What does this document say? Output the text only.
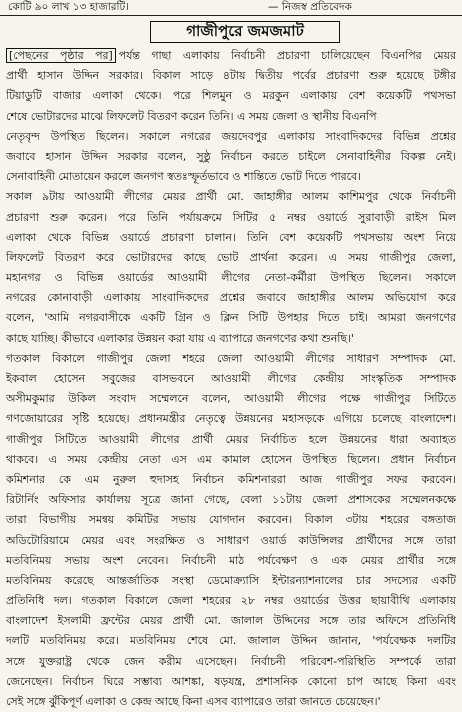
কোটি ৯০ লাখ ১৩ হাজারটি।	— নিজস্ব প্রতিবেদক
গাজীপুরে জমজমাট
[পেছনের পৃষ্ঠার পর] পর্যন্ত গাছা এলাকায় নির্বাচনী প্রচারণা চালিয়েছেন বিএনপির মেয়র
প্রার্থী হাসান উদ্দিন সরকার। বিকাল সাড়ে ৪টায় দ্বিতীয় পর্বের প্রচারণা শুরু হয়েছে টঙ্গীর
টিয়াডুটি বাজার এলাকা থেকে। পরে শিলমুন ও মরকুন এলাকায় বেশ কয়েকটি পথসভা
শেষে ভোটারদের মাঝে লিফলেট বিতরণ করেন তিনি। এ সময় জেলা ও স্থানীয় বিএনপি
নেতৃবৃন্দ উপস্থিত ছিলেন। সকালে নগরের জয়দেবপুর এলাকায় সাংবাদিকদের বিভিন্ন প্রশ্নের
জবাবে হাসান উদ্দিন সরকার বলেন, সুষ্ঠু নির্বাচন করতে চাইলে সেনাবাহিনীর বিকল্প নেই।
সেনাবাহিনী মোতায়েন করলে জনগণ স্বতঃস্ফূর্তভাবে ও শান্তিতে ভোট দিতে পারবে।
সকাল ৯টায় আওয়ামী লীগের মেয়র প্রার্থী মো. জাহাঙ্গীর আলম কাশিমপুর থেকে নির্বাচনী
প্রচারণা শুরু করেন। পরে তিনি পর্যায়ক্রমে সিটির ৫ নম্বর ওয়ার্ডে সুরাবাড়ী রাইস মিল
এলাকা থেকে বিভিন্ন ওয়ার্ডে প্রচারণা চালান। তিনি বেশ কয়েকটি পথসভায় অংশ নিয়ে
লিফলেট বিতরণ করে ভোটারদের কাছে ভোট প্রার্থনা করেন। এ সময় গাজীপুর জেলা,
মহানগর ও বিভিন্ন ওয়ার্ডের আওয়ামী লীগের নেতা-কর্মীরা উপস্থিত ছিলেন। সকালে
নগরের কোনাবাড়ী এলাকায় সাংবাদিকদের প্রশ্নের জবাবে জাহাঙ্গীর আলম অভিযোগ করে
বলেন, 'আমি নগরবাসীকে একটি গ্রিন ও ক্লিন সিটি উপহার দিতে চাই। আমরা জনগণের
কাছে যাচ্ছি। কীভাবে এলাকার উন্নয়ন করা যায় এ ব্যাপারে জনগণের কথা শুনছি।'
গতকাল বিকালে গাজীপুর জেলা শহরে জেলা আওয়ামী লীগের সাধারণ সম্পাদক মো.
ইকবাল হোসেন সবুজের বাসভবনে আওয়ামী লীগের কেন্দ্রীয় সাংস্কৃতিক সম্পাদক
অসীমকুমার উকিল সংবাদ সম্মেলনে বলেন, আওয়ামী লীগের পক্ষে গাজীপুর সিটিতে
গণজোয়ারের সৃষ্টি হয়েছে। প্রধানমন্ত্রীর নেতৃত্বে উন্নয়নের মহাসড়কে এগিয়ে চলেছে বাংলাদেশ।
গাজীপুর সিটিতে আওয়ামী লীগের প্রার্থী মেয়র নির্বাচিত হলে উন্নয়নের ধারা অব্যাহত
থাকবে। এ সময় কেন্দ্রীয় নেতা এস এম কামাল হোসেন উপস্থিত ছিলেন। প্রধান নির্বাচন
কমিশনার কে এম নুরুল হুদাসহ নির্বাচন কমিশনাররা আজ গাজীপুর সফর করবেন।
রিটার্নিং অফিসার কার্যালয় সূত্রে জানা গেছে, বেলা ১১টায় জেলা প্রশাসকের সম্মেলনকক্ষে
তারা বিভাগীয় সমন্বয় কমিটির সভায় যোগদান করবেন। বিকাল ৩টায় শহরের বঙ্গতাজ
অডিটোরিয়ামে মেয়র এবং সংরক্ষিত ও সাধারণ ওয়ার্ড কাউন্সিলর প্রার্থীদের সঙ্গে তারা
মতবিনিময় সভায় অংশ নেবেন। নির্বাচনী মাঠ পর্যবেক্ষণ ও এক মেয়র প্রার্থীর সঙ্গে
মতবিনিময় করেছে আন্তর্জাতিক সংস্থা ডেমোক্র্যাসি ইন্টারন্যাশনালের চার সদস্যের একটি
প্রতিনিধি দল। গতকাল বিকালে জেলা শহরের ২৮ নম্বর ওয়ার্ডের উত্তর ছায়াবীথি এলাকায়
বাংলাদেশ ইসলামী ফ্রন্টের মেয়র প্রার্থী মো. জালাল উদ্দিনের সঙ্গে তার অফিসে প্রতিনিধি
দলটি মতবিনিময় করে। মতবিনিময় শেষে মো. জালাল উদ্দিন জানান, 'পর্যবেক্ষক দলটির
সঙ্গে যুক্তরাষ্ট্র থেকে জেন করীম এসেছেন। নির্বাচনী পরিবেশ-পরিস্থিতি সম্পর্কে তারা
জেনেছেন। নির্বাচন ঘিরে সম্ভাব্য আশঙ্কা, ষড়যন্ত্র, প্রশাসনিক কোনো চাপ আছে কিনা এবং
সেই সঙ্গে ঝুঁকিপূর্ণ এলাকা ও কেন্দ্র আছে কিনা এসব ব্যাপারেও তারা জানতে চেয়েছেন।'
